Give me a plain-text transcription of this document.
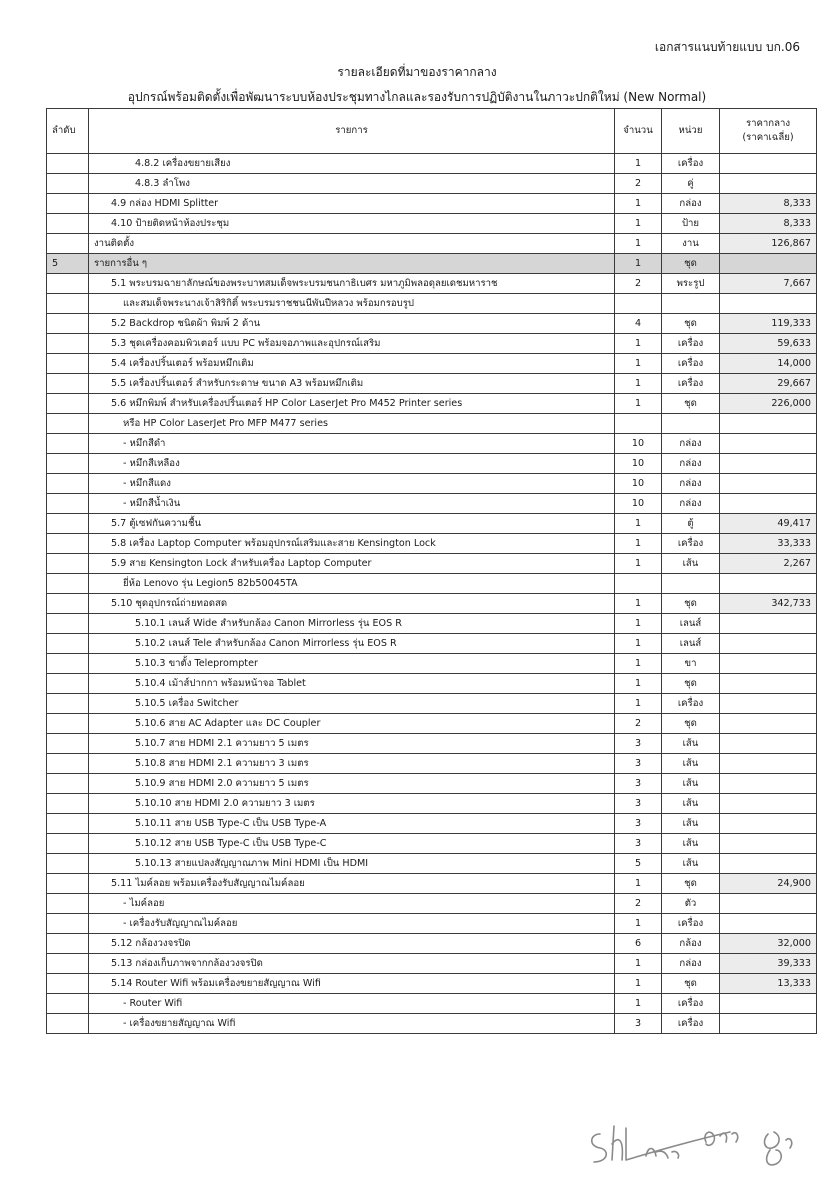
เอกสารแนบท้ายแบบ บก.06
รายละเอียดที่มาของราคากลาง
อุปกรณ์พร้อมติดตั้งเพื่อพัฒนาระบบห้องประชุมทางไกลและรองรับการปฏิบัติงานในภาวะปกติใหม่ (New Normal)
ลำดับ	รายการ	จำนวน	หน่วย	ราคากลาง
(ราคาเฉลี่ย)
	4.8.2 เครื่องขยายเสียง	1	เครื่อง	
	4.8.3 ลำโพง	2	คู่	
	4.9 กล่อง HDMI Splitter	1	กล่อง	8,333
	4.10 ป้ายติดหน้าห้องประชุม	1	ป้าย	8,333
	งานติดตั้ง	1	งาน	126,867
5	รายการอื่น ๆ	1	ชุด	
	5.1 พระบรมฉายาลักษณ์ของพระบาทสมเด็จพระบรมชนกาธิเบศร มหาภูมิพลอดุลยเดชมหาราช	2	พระรูป	7,667
	และสมเด็จพระนางเจ้าสิริกิติ์ พระบรมราชชนนีพันปีหลวง พร้อมกรอบรูป			
	5.2 Backdrop ชนิดผ้า พิมพ์ 2 ด้าน	4	ชุด	119,333
	5.3 ชุดเครื่องคอมพิวเตอร์ แบบ PC พร้อมจอภาพและอุปกรณ์เสริม	1	เครื่อง	59,633
	5.4 เครื่องปริ้นเตอร์ พร้อมหมึกเติม	1	เครื่อง	14,000
	5.5 เครื่องปริ้นเตอร์ สำหรับกระดาษ ขนาด A3 พร้อมหมึกเติม	1	เครื่อง	29,667
	5.6 หมึกพิมพ์ สำหรับเครื่องปริ้นเตอร์ HP Color LaserJet Pro M452 Printer series	1	ชุด	226,000
	หรือ HP Color LaserJet Pro MFP M477 series			
	- หมึกสีดำ	10	กล่อง	
	- หมึกสีเหลือง	10	กล่อง	
	- หมึกสีแดง	10	กล่อง	
	- หมึกสีน้ำเงิน	10	กล่อง	
	5.7 ตู้เซฟกันความชื้น	1	ตู้	49,417
	5.8 เครื่อง Laptop Computer พร้อมอุปกรณ์เสริมและสาย Kensington Lock	1	เครื่อง	33,333
	5.9 สาย Kensington Lock สำหรับเครื่อง Laptop Computer	1	เส้น	2,267
	ยี่ห้อ Lenovo รุ่น Legion5 82b50045TA			
	5.10 ชุดอุปกรณ์ถ่ายทอดสด	1	ชุด	342,733
	5.10.1 เลนส์ Wide สำหรับกล้อง Canon Mirrorless รุ่น EOS R	1	เลนส์	
	5.10.2 เลนส์ Tele สำหรับกล้อง Canon Mirrorless รุ่น EOS R	1	เลนส์	
	5.10.3 ขาตั้ง Teleprompter	1	ขา	
	5.10.4 เม้าส์ปากกา พร้อมหน้าจอ Tablet	1	ชุด	
	5.10.5 เครื่อง Switcher	1	เครื่อง	
	5.10.6 สาย AC Adapter และ DC Coupler	2	ชุด	
	5.10.7 สาย HDMI 2.1 ความยาว 5 เมตร	3	เส้น	
	5.10.8 สาย HDMI 2.1 ความยาว 3 เมตร	3	เส้น	
	5.10.9 สาย HDMI 2.0 ความยาว 5 เมตร	3	เส้น	
	5.10.10 สาย HDMI 2.0 ความยาว 3 เมตร	3	เส้น	
	5.10.11 สาย USB Type-C เป็น USB Type-A	3	เส้น	
	5.10.12 สาย USB Type-C เป็น USB Type-C	3	เส้น	
	5.10.13 สายแปลงสัญญาณภาพ Mini HDMI เป็น HDMI	5	เส้น	
	5.11 ไมค์ลอย พร้อมเครื่องรับสัญญาณไมค์ลอย	1	ชุด	24,900
	- ไมค์ลอย	2	ตัว	
	- เครื่องรับสัญญาณไมค์ลอย	1	เครื่อง	
	5.12 กล้องวงจรปิด	6	กล้อง	32,000
	5.13 กล่องเก็บภาพจากกล้องวงจรปิด	1	กล่อง	39,333
	5.14 Router Wifi พร้อมเครื่องขยายสัญญาณ Wifi	1	ชุด	13,333
	- Router Wifi	1	เครื่อง	
	- เครื่องขยายสัญญาณ Wifi	3	เครื่อง	
